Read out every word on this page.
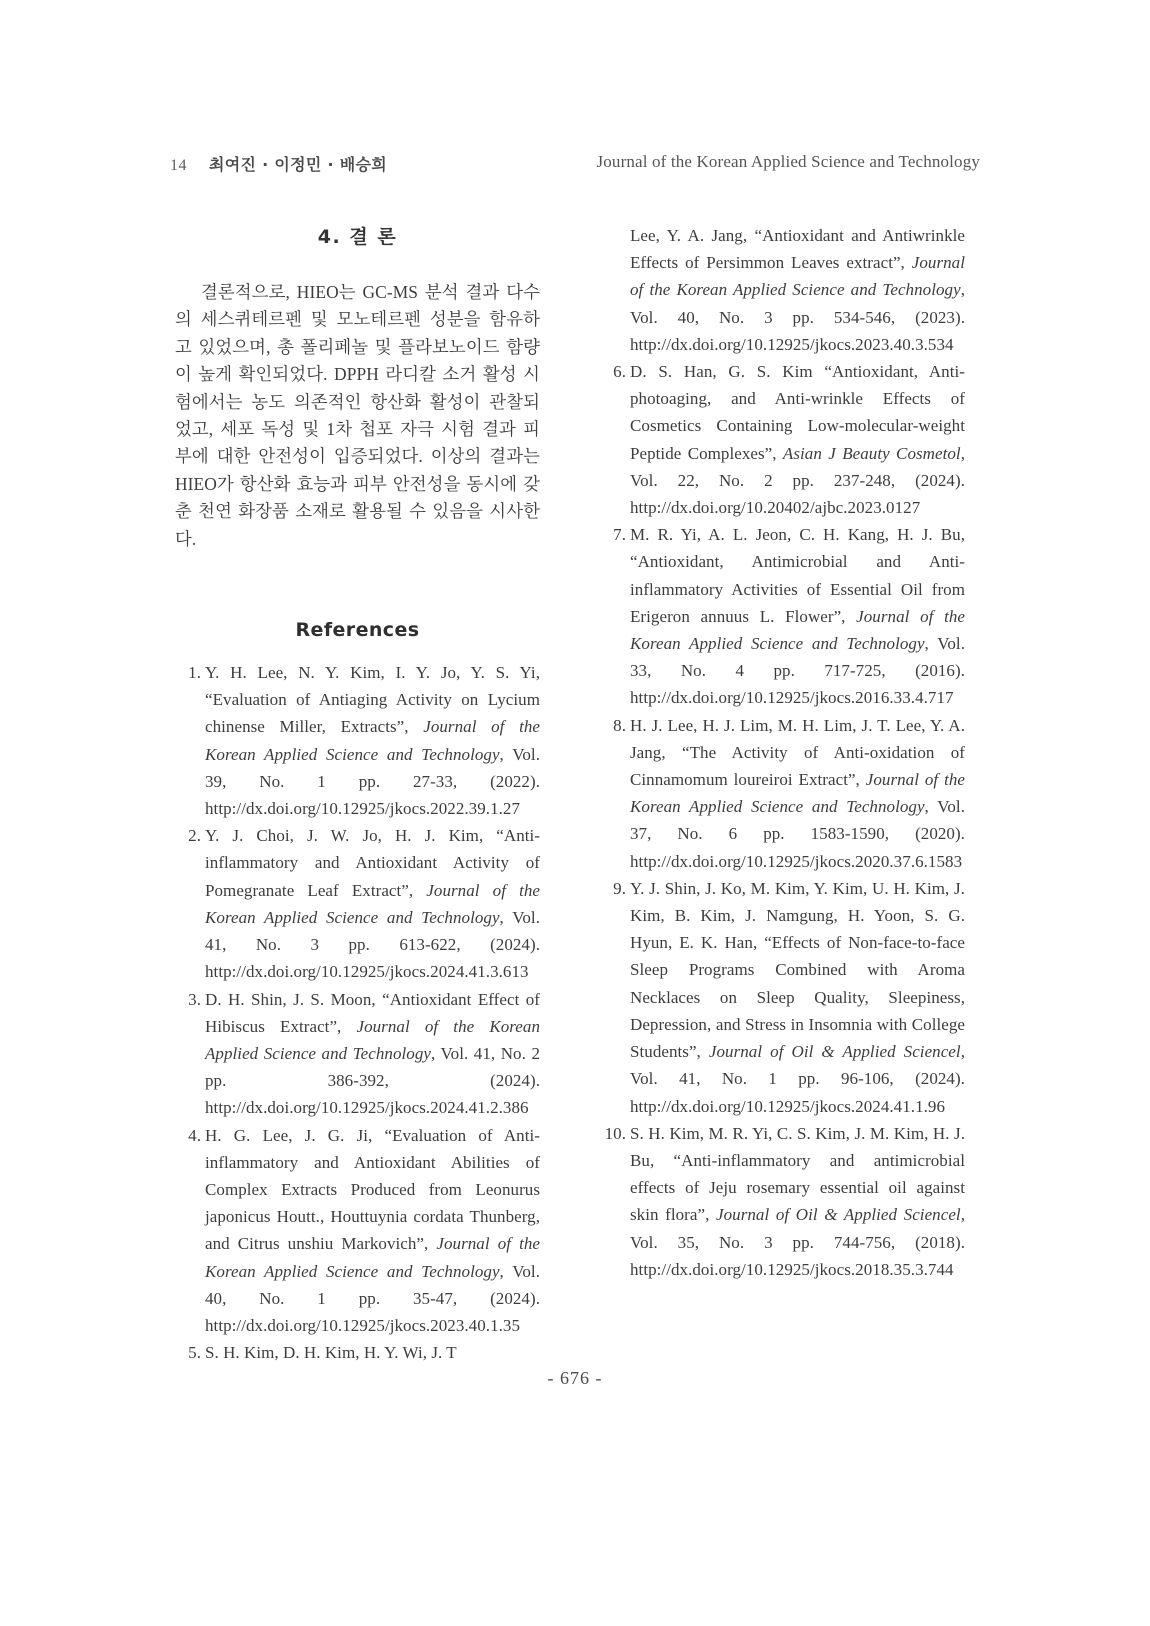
14 최여진 · 이정민 · 배승희	Journal of the Korean Applied Science and Technology
4. 결 론

결론적으로, HIEO는 GC-MS 분석 결과 다수의 세스퀴테르펜 및 모노테르펜 성분을 함유하고 있었으며, 총 폴리페놀 및 플라보노이드 함량이 높게 확인되었다. DPPH 라디칼 소거 활성 시험에서는 농도 의존적인 항산화 활성이 관찰되었고, 세포 독성 및 1차 첩포 자극 시험 결과 피부에 대한 안전성이 입증되었다. 이상의 결과는 HIEO가 항산화 효능과 피부 안전성을 동시에 갖춘 천연 화장품 소재로 활용될 수 있음을 시사한다.

References
1. Y. H. Lee, N. Y. Kim, I. Y. Jo, Y. S. Yi, “Evaluation of Antiaging Activity on Lycium chinense Miller, Extracts”, Journal of the Korean Applied Science and Technology, Vol. 39, No. 1 pp. 27-33, (2022). http://dx.doi.org/10.12925/jkocs.2022.39.1.27
2. Y. J. Choi, J. W. Jo, H. J. Kim, “Anti-inflammatory and Antioxidant Activity of Pomegranate Leaf Extract”, Journal of the Korean Applied Science and Technology, Vol. 41, No. 3 pp. 613-622, (2024). http://dx.doi.org/10.12925/jkocs.2024.41.3.613
3. D. H. Shin, J. S. Moon, “Antioxidant Effect of Hibiscus Extract”, Journal of the Korean Applied Science and Technology, Vol. 41, No. 2 pp. 386-392, (2024). http://dx.doi.org/10.12925/jkocs.2024.41.2.386
4. H. G. Lee, J. G. Ji, “Evaluation of Anti-inflammatory and Antioxidant Abilities of Complex Extracts Produced from Leonurus japonicus Houtt., Houttuynia cordata Thunberg, and Citrus unshiu Markovich”, Journal of the Korean Applied Science and Technology, Vol. 40, No. 1 pp. 35-47, (2024). http://dx.doi.org/10.12925/jkocs.2023.40.1.35
5. S. H. Kim, D. H. Kim, H. Y. Wi, J. T

Lee, Y. A. Jang, “Antioxidant and Antiwrinkle Effects of Persimmon Leaves extract”, Journal of the Korean Applied Science and Technology, Vol. 40, No. 3 pp. 534-546, (2023). http://dx.doi.org/10.12925/jkocs.2023.40.3.534

6. D. S. Han, G. S. Kim “Antioxidant, Anti-photoaging, and Anti-wrinkle Effects of Cosmetics Containing Low-molecular-weight Peptide Complexes”, Asian J Beauty Cosmetol, Vol. 22, No. 2 pp. 237-248, (2024). http://dx.doi.org/10.20402/ajbc.2023.0127
7. M. R. Yi, A. L. Jeon, C. H. Kang, H. J. Bu, “Antioxidant, Antimicrobial and Anti-inflammatory Activities of Essential Oil from Erigeron annuus L. Flower”, Journal of the Korean Applied Science and Technology, Vol. 33, No. 4 pp. 717-725, (2016). http://dx.doi.org/10.12925/jkocs.2016.33.4.717
8. H. J. Lee, H. J. Lim, M. H. Lim, J. T. Lee, Y. A. Jang, “The Activity of Anti-oxidation of Cinnamomum loureiroi Extract”, Journal of the Korean Applied Science and Technology, Vol. 37, No. 6 pp. 1583-1590, (2020). http://dx.doi.org/10.12925/jkocs.2020.37.6.1583
9. Y. J. Shin, J. Ko, M. Kim, Y. Kim, U. H. Kim, J. Kim, B. Kim, J. Namgung, H. Yoon, S. G. Hyun, E. K. Han, “Effects of Non-face-to-face Sleep Programs Combined with Aroma Necklaces on Sleep Quality, Sleepiness, Depression, and Stress in Insomnia with College Students”, Journal of Oil & Applied Sciencel, Vol. 41, No. 1 pp. 96-106, (2024). http://dx.doi.org/10.12925/jkocs.2024.41.1.96
10. S. H. Kim, M. R. Yi, C. S. Kim, J. M. Kim, H. J. Bu, “Anti-inflammatory and antimicrobial effects of Jeju rosemary essential oil against skin flora”, Journal of Oil & Applied Sciencel, Vol. 35, No. 3 pp. 744-756, (2018). http://dx.doi.org/10.12925/jkocs.2018.35.3.744
- 676 -
